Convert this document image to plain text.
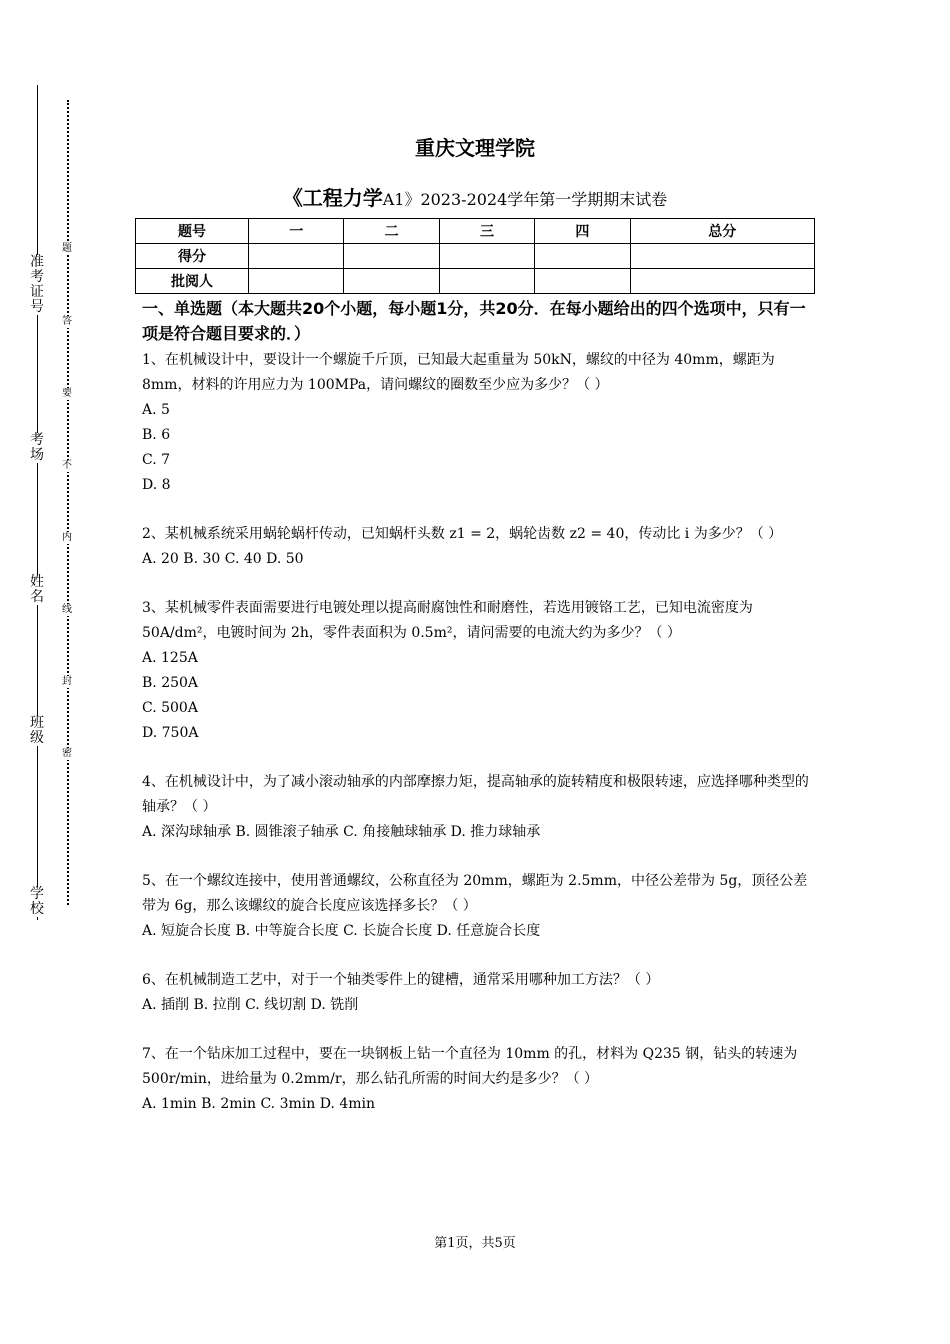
准
考
证
号
考
场
姓
名
班
级
学
校
题
答
要
不
内
线
封
密
重庆文理学院
《工程力学A1》2023-2024学年第一学期期末试卷
题号	一	二	三	四	总分
得分					
批阅人					
一、单选题（本大题共20个小题，每小题1分，共20分．在每小题给出的四个选项中，只有一项是符合题目要求的．）
1、在机械设计中，要设计一个螺旋千斤顶，已知最大起重量为 50kN，螺纹的中径为 40mm，螺距为 8mm，材料的许用应力为 100MPa，请问螺纹的圈数至少应为多少？（ ）
A. 5
B. 6
C. 7
D. 8
2、某机械系统采用蜗轮蜗杆传动，已知蜗杆头数 z1 = 2，蜗轮齿数 z2 = 40，传动比 i 为多少？（ ）
A. 20 B. 30 C. 40 D. 50
3、某机械零件表面需要进行电镀处理以提高耐腐蚀性和耐磨性，若选用镀铬工艺，已知电流密度为 50A/dm²，电镀时间为 2h，零件表面积为 0.5m²，请问需要的电流大约为多少？（ ）
A. 125A
B. 250A
C. 500A
D. 750A
4、在机械设计中，为了减小滚动轴承的内部摩擦力矩，提高轴承的旋转精度和极限转速，应选择哪种类型的轴承？（ ）
A. 深沟球轴承 B. 圆锥滚子轴承 C. 角接触球轴承 D. 推力球轴承
5、在一个螺纹连接中，使用普通螺纹，公称直径为 20mm，螺距为 2.5mm，中径公差带为 5g，顶径公差带为 6g，那么该螺纹的旋合长度应该选择多长？（ ）
A. 短旋合长度 B. 中等旋合长度 C. 长旋合长度 D. 任意旋合长度
6、在机械制造工艺中，对于一个轴类零件上的键槽，通常采用哪种加工方法？（ ）
A. 插削 B. 拉削 C. 线切割 D. 铣削
7、在一个钻床加工过程中，要在一块钢板上钻一个直径为 10mm 的孔，材料为 Q235 钢，钻头的转速为 500r/min，进给量为 0.2mm/r，那么钻孔所需的时间大约是多少？（ ）
A. 1min B. 2min C. 3min D. 4min
第1页，共5页
